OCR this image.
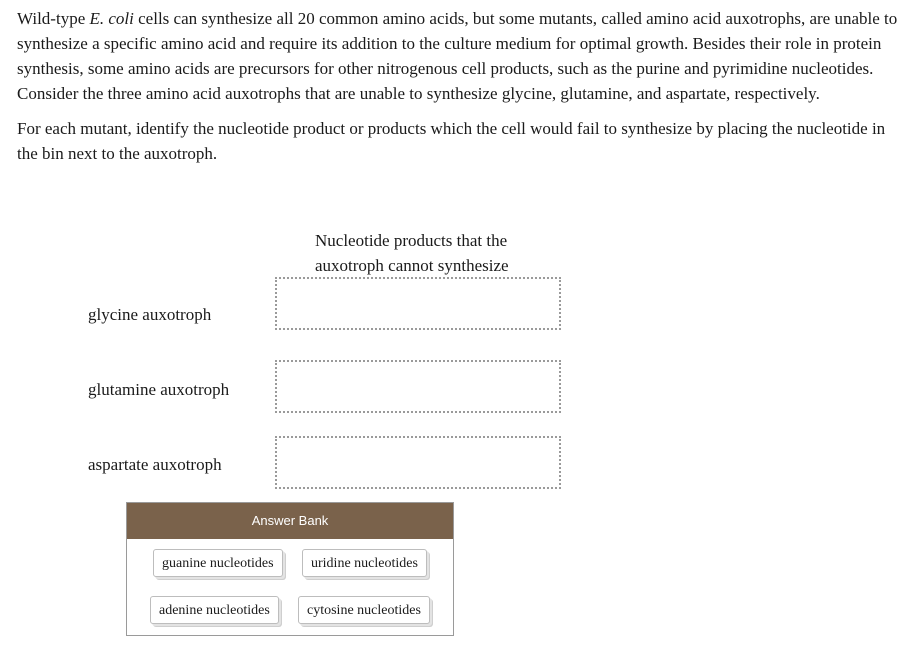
Wild-type E. coli cells can synthesize all 20 common amino acids, but some mutants, called amino acid auxotrophs, are unable to synthesize a specific amino acid and require its addition to the culture medium for optimal growth. Besides their role in protein synthesis, some amino acids are precursors for other nitrogenous cell products, such as the purine and pyrimidine nucleotides. Consider the three amino acid auxotrophs that are unable to synthesize glycine, glutamine, and aspartate, respectively.

For each mutant, identify the nucleotide product or products which the cell would fail to synthesize by placing the nucleotide in the bin next to the auxotroph.

Nucleotide products that the auxotroph cannot synthesize
glycine auxotroph
glutamine auxotroph
aspartate auxotroph
Answer Bank
guanine nucleotides	uridine nucleotides
adenine nucleotides	cytosine nucleotides
